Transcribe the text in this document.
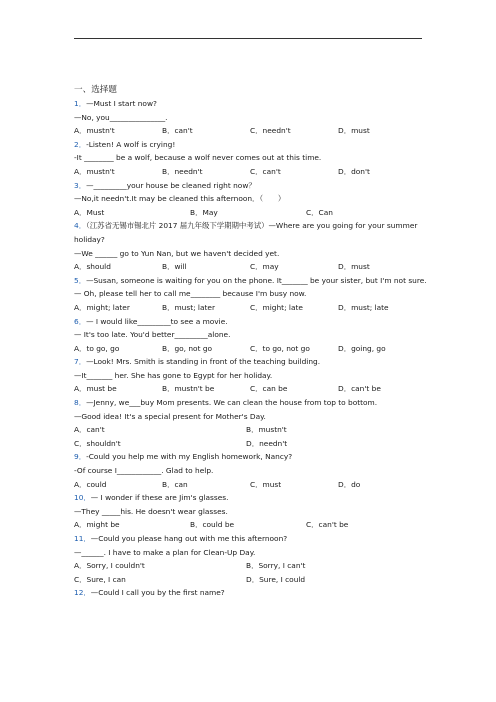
一、选择题
1．—Must I start now?
—No, you_______________.
A．mustn't	B．can't	C．needn't	D．must
2．-Listen! A wolf is crying!
-It ________ be a wolf, because a wolf never comes out at this time.
A．mustn't	B．needn't	C．can't	D．don't
3．—_________your house be cleaned right now？
—No,it needn't.It may be cleaned this afternoon．（　　）
A．Must	B．May	C．Can
4．（江苏省无锡市锡北片 2017 届九年级下学期期中考试）—Where are you going for your summer holiday?
—We ______ go to Yun Nan, but we haven't decided yet.
A．should	B．will	C．may	D．must
5．—Susan, someone is waiting for you on the phone. It_______ be your sister, but I'm not sure.
— Oh, please tell her to call me________ because I'm busy now.
A．might; later	B．must; later	C．might; late	D．must; late
6．— I would like_________to see a movie.
— It's too late. You'd better_________alone.
A．to go, go	B．go, not go	C．to go, not go	D．going, go
7．—Look! Mrs. Smith is standing in front of the teaching building.
—It_______ her. She has gone to Egypt for her holiday.
A．must be	B．mustn't be	C．can be	D．can't be
8．—Jenny, we___buy Mom presents. We can clean the house from top to bottom.
—Good idea! It's a special present for Mother's Day.
A．can't	B．mustn't
C．shouldn't	D．needn't
9．-Could you help me with my English homework, Nancy?
-Of course I____________. Glad to help.
A．could	B．can	C．must	D．do
10．— I wonder if these are Jim's glasses.
—They _____his. He doesn't wear glasses.
A．might be	B．could be	C．can't be
11．—Could you please hang out with me this afternoon?
—______. I have to make a plan for Clean-Up Day.
A．Sorry, I couldn't	B．Sorry, I can't
C．Sure, I can	D．Sure, I could
12．—Could I call you by the first name?
